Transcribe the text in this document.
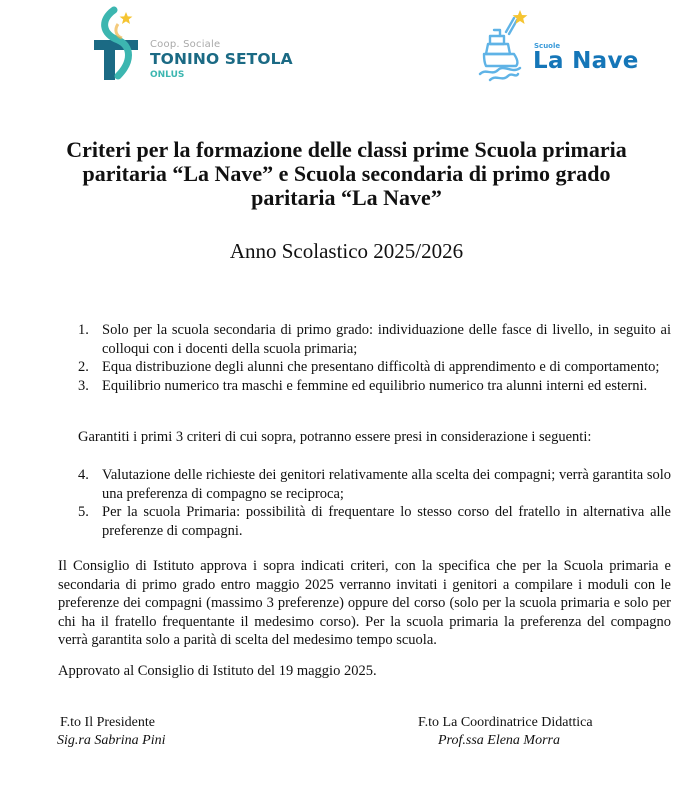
Coop. Sociale
TONINO SETOLA
ONLUS
Scuole
La Nave
Criteri per la formazione delle classi prime Scuola primaria
paritaria “La Nave” e Scuola secondaria di primo grado
paritaria “La Nave”
Anno Scolastico 2025/2026
1. Solo per la scuola secondaria di primo grado: individuazione delle fasce di livello, in seguito ai colloqui con i docenti della scuola primaria;
2. Equa distribuzione degli alunni che presentano difficoltà di apprendimento e di comportamento;
3. Equilibrio numerico tra maschi e femmine ed equilibrio numerico tra alunni interni ed esterni.
Garantiti i primi 3 criteri di cui sopra, potranno essere presi in considerazione i seguenti:
4. Valutazione delle richieste dei genitori relativamente alla scelta dei compagni; verrà garantita solo una preferenza di compagno se reciproca;
5. Per la scuola Primaria: possibilità di frequentare lo stesso corso del fratello in alternativa alle preferenze di compagni.
Il Consiglio di Istituto approva i sopra indicati criteri, con la specifica che per la Scuola primaria e secondaria di primo grado entro maggio 2025 verranno invitati i genitori a compilare i moduli con le preferenze dei compagni (massimo 3 preferenze) oppure del corso (solo per la scuola primaria e solo per chi ha il fratello frequentante il medesimo corso). Per la scuola primaria la preferenza del compagno verrà garantita solo a parità di scelta del medesimo tempo scuola.
Approvato al Consiglio di Istituto del 19 maggio 2025.
F.to Il Presidente
Sig.ra Sabrina Pini
F.to La Coordinatrice Didattica
Prof.ssa Elena Morra
